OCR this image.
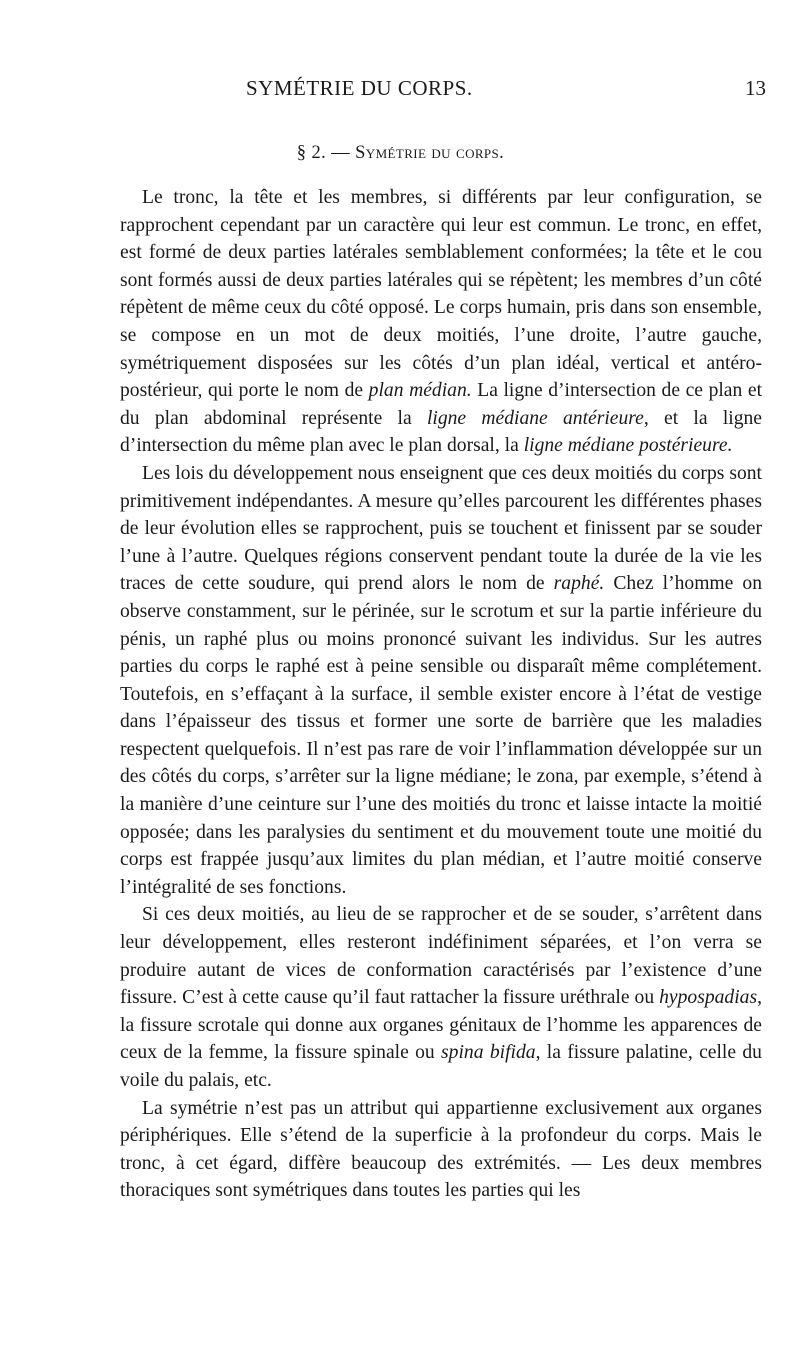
SYMÉTRIE DU CORPS.	13
§ 2. — Symétrie du corps.

Le tronc, la tête et les membres, si différents par leur configuration, se rapprochent cependant par un caractère qui leur est commun. Le tronc, en effet, est formé de deux parties latérales semblablement conformées; la tête et le cou sont formés aussi de deux parties latérales qui se répètent; les membres d’un côté répètent de même ceux du côté opposé. Le corps humain, pris dans son ensemble, se compose en un mot de deux moitiés, l’une droite, l’autre gauche, symétriquement disposées sur les côtés d’un plan idéal, vertical et antéro-postérieur, qui porte le nom de plan médian. La ligne d’intersection de ce plan et du plan abdominal représente la ligne médiane antérieure, et la ligne d’intersection du même plan avec le plan dorsal, la ligne médiane postérieure.

Les lois du développement nous enseignent que ces deux moitiés du corps sont primitivement indépendantes. A mesure qu’elles parcourent les différentes phases de leur évolution elles se rapprochent, puis se touchent et finissent par se souder l’une à l’autre. Quelques régions conservent pendant toute la durée de la vie les traces de cette soudure, qui prend alors le nom de raphé. Chez l’homme on observe constamment, sur le périnée, sur le scrotum et sur la partie inférieure du pénis, un raphé plus ou moins prononcé suivant les individus. Sur les autres parties du corps le raphé est à peine sensible ou disparaît même complétement. Toutefois, en s’effaçant à la surface, il semble exister encore à l’état de vestige dans l’épaisseur des tissus et former une sorte de barrière que les maladies respectent quelquefois. Il n’est pas rare de voir l’inflammation développée sur un des côtés du corps, s’arrêter sur la ligne médiane; le zona, par exemple, s’étend à la manière d’une ceinture sur l’une des moitiés du tronc et laisse intacte la moitié opposée; dans les paralysies du sentiment et du mouvement toute une moitié du corps est frappée jusqu’aux limites du plan médian, et l’autre moitié conserve l’intégralité de ses fonctions.

Si ces deux moitiés, au lieu de se rapprocher et de se souder, s’arrêtent dans leur développement, elles resteront indéfiniment séparées, et l’on verra se produire autant de vices de conformation caractérisés par l’existence d’une fissure. C’est à cette cause qu’il faut rattacher la fissure uréthrale ou hypospadias, la fissure scrotale qui donne aux organes génitaux de l’homme les apparences de ceux de la femme, la fissure spinale ou spina bifida, la fissure palatine, celle du voile du palais, etc.

La symétrie n’est pas un attribut qui appartienne exclusivement aux organes périphériques. Elle s’étend de la superficie à la profondeur du corps. Mais le tronc, à cet égard, diffère beaucoup des extrémités. — Les deux membres thoraciques sont symétriques dans toutes les parties qui les
